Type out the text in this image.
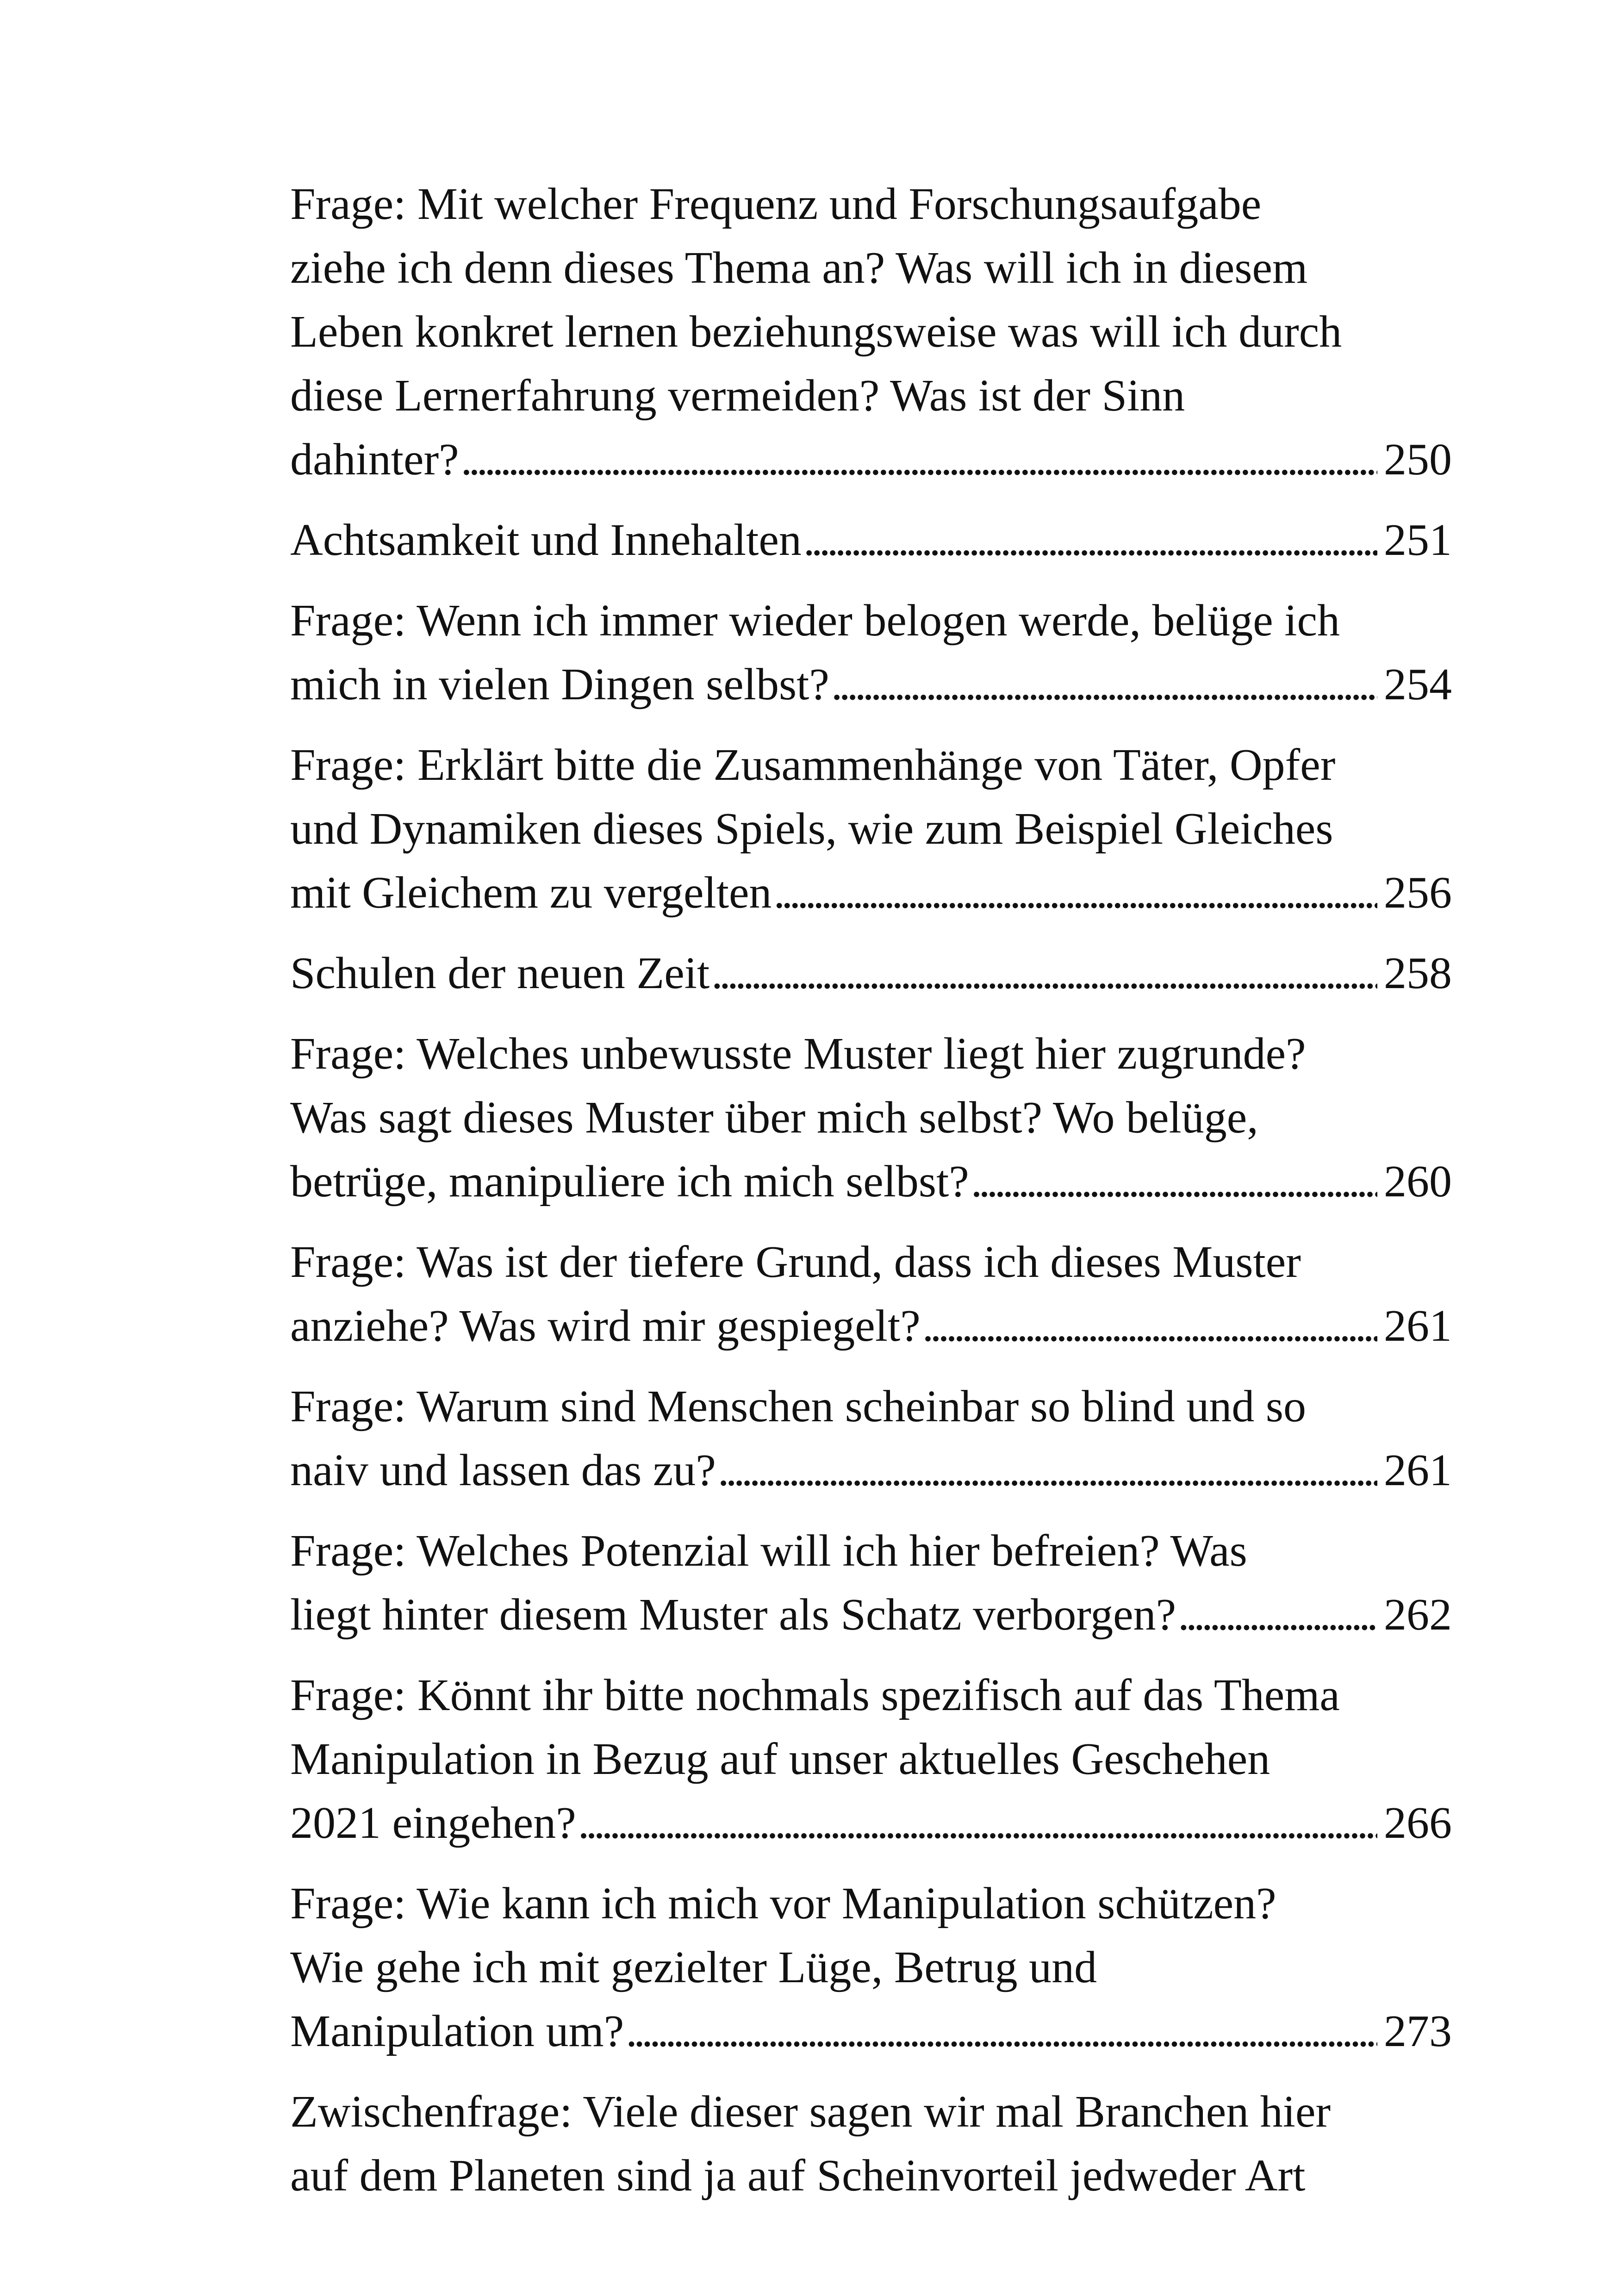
Frage: Mit welcher Frequenz und Forschungsaufgabe
ziehe ich denn dieses Thema an? Was will ich in diesem
Leben konkret lernen beziehungsweise was will ich durch
diese Lernerfahrung vermeiden? Was ist der Sinn
dahinter? . . .	250
Achtsamkeit und Innehalten . . .	251
Frage: Wenn ich immer wieder belogen werde, belüge ich
mich in vielen Dingen selbst? . . .	254
Frage: Erklärt bitte die Zusammenhänge von Täter, Opfer
und Dynamiken dieses Spiels, wie zum Beispiel Gleiches
mit Gleichem zu vergelten . . .	256
Schulen der neuen Zeit . . .	258
Frage: Welches unbewusste Muster liegt hier zugrunde?
Was sagt dieses Muster über mich selbst? Wo belüge,
betrüge, manipuliere ich mich selbst? . . .	260
Frage: Was ist der tiefere Grund, dass ich dieses Muster
anziehe? Was wird mir gespiegelt? . . .	261
Frage: Warum sind Menschen scheinbar so blind und so
naiv und lassen das zu? . . .	261
Frage: Welches Potenzial will ich hier befreien? Was
liegt hinter diesem Muster als Schatz verborgen? . . .	262
Frage: Könnt ihr bitte nochmals spezifisch auf das Thema
Manipulation in Bezug auf unser aktuelles Geschehen
2021 eingehen? . . .	266
Frage: Wie kann ich mich vor Manipulation schützen?
Wie gehe ich mit gezielter Lüge, Betrug und
Manipulation um? . . .	273
Zwischenfrage: Viele dieser sagen wir mal Branchen hier
auf dem Planeten sind ja auf Scheinvorteil jedweder Art
